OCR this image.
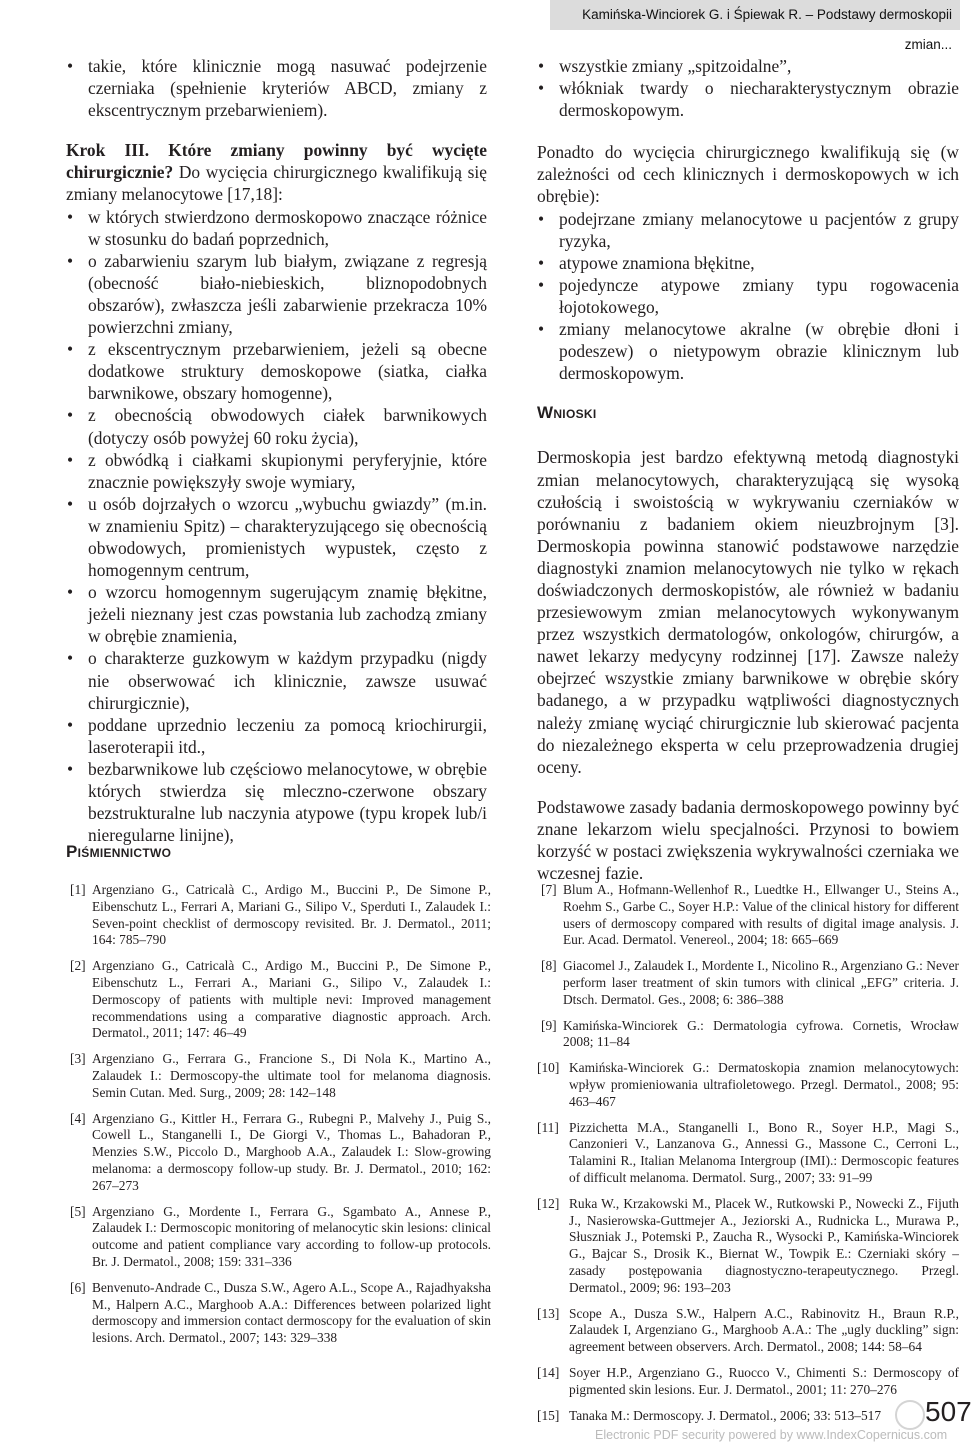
Kamińska-Winciorek G. i Śpiewak R. – Podstawy dermoskopii zmian...
• takie, które klinicznie mogą nasuwać podejrzenie czerniaka (spełnienie kryteriów ABCD, zmiany z ekscentrycznym przebarwieniem).

Krok III. Które zmiany powinny być wycięte chirurgicznie? Do wycięcia chirurgicznego kwalifikują się zmiany melanocytowe [17,18]:

• w których stwierdzono dermoskopowo znaczące różnice w stosunku do badań poprzednich,
• o zabarwieniu szarym lub białym, związane z regresją (obecność biało-niebieskich, bliznopodobnych obszarów), zwłaszcza jeśli zabarwienie przekracza 10% powierzchni zmiany,
• z ekscentrycznym przebarwieniem, jeżeli są obecne dodatkowe struktury demoskopowe (siatka, ciałka barwnikowe, obszary homogenne),
• z obecnością obwodowych ciałek barwnikowych (dotyczy osób powyżej 60 roku życia),
• z obwódką i ciałkami skupionymi peryferyjnie, które znacznie powiększyły swoje wymiary,
• u osób dojrzałych o wzorcu „wybuchu gwiazdy” (m.in. w znamieniu Spitz) – charakteryzującego się obecnością obwodowych, promienistych wypustek, często z homogennym centrum,
• o wzorcu homogennym sugerującym znamię błękitne, jeżeli nieznany jest czas powstania lub zachodzą zmiany w obrębie znamienia,
• o charakterze guzkowym w każdym przypadku (nigdy nie obserwować ich klinicznie, zawsze usuwać chirurgicznie),
• poddane uprzednio leczeniu za pomocą kriochirurgii, laseroterapii itd.,
• bezbarwnikowe lub częściowo melanocytowe, w obrębie których stwierdza się mleczno-czerwone obszary bezstrukturalne lub naczynia atypowe (typu kropek lub/i nieregularne linijne),
• wszystkie zmiany „spitzoidalne”,
• włókniak twardy o niecharakterystycznym obrazie dermoskopowym.

Ponadto do wycięcia chirurgicznego kwalifikują się (w zależności od cech klinicznych i dermoskopowych w ich obrębie):

• podejrzane zmiany melanocytowe u pacjentów z grupy ryzyka,
• atypowe znamiona błękitne,
• pojedyncze atypowe zmiany typu rogowacenia łojotokowego,
• zmiany melanocytowe akralne (w obrębie dłoni i podeszew) o nietypowym obrazie klinicznym lub dermoskopowym.
Wnioski

Dermoskopia jest bardzo efektywną metodą diagnostyki zmian melanocytowych, charakteryzującą się wysoką czułością i swoistością w wykrywaniu czerniaków w porównaniu z badaniem okiem nieuzbrojnym [3]. Dermoskopia powinna stanowić podstawowe narzędzie diagnostyki znamion melanocytowych nie tylko w rękach doświadczonych dermoskopistów, ale również w badaniu przesiewowym zmian melanocytowych wykonywanym przez wszystkich dermatologów, onkologów, chirurgów, a nawet lekarzy medycyny rodzinnej [17]. Zawsze należy obejrzeć wszystkie zmiany barwnikowe w obrębie skóry badanego, a w przypadku wątpliwości diagnostycznych należy zmianę wyciąć chirurgicznie lub skierować pacjenta do niezależnego eksperta w celu przeprowadzenia drugiej oceny.

Podstawowe zasady badania dermoskopowego powinny być znane lekarzom wielu specjalności. Przynosi to bowiem korzyść w postaci zwiększenia wykrywalności czerniaka we wczesnej fazie.

Piśmiennictwo
[1] Argenziano G., Catricalà C., Ardigo M., Buccini P., De Simone P., Eibenschutz L., Ferrari A, Mariani G., Silipo V., Sperduti I., Zalaudek I.: Seven-point checklist of dermoscopy revisited. Br. J. Dermatol., 2011; 164: 785–790
[2] Argenziano G., Catricalà C., Ardigo M., Buccini P., De Simone P., Eibenschutz L., Ferrari A., Mariani G., Silipo V., Zalaudek I.: Dermoscopy of patients with multiple nevi: Improved management recommendations using a comparative diagnostic approach. Arch. Dermatol., 2011; 147: 46–49
[3] Argenziano G., Ferrara G., Francione S., Di Nola K., Martino A., Zalaudek I.: Dermoscopy-the ultimate tool for melanoma diagnosis. Semin Cutan. Med. Surg., 2009; 28: 142–148
[4] Argenziano G., Kittler H., Ferrara G., Rubegni P., Malvehy J., Puig S., Cowell L., Stanganelli I., De Giorgi V., Thomas L., Bahadoran P., Menzies S.W., Piccolo D., Marghoob A.A., Zalaudek I.: Slow-growing melanoma: a dermoscopy follow-up study. Br. J. Dermatol., 2010; 162: 267–273
[5] Argenziano G., Mordente I., Ferrara G., Sgambato A., Annese P., Zalaudek I.: Dermoscopic monitoring of melanocytic skin lesions: clinical outcome and patient compliance vary according to follow-up protocols. Br. J. Dermatol., 2008; 159: 331–336
[6] Benvenuto-Andrade C., Dusza S.W., Agero A.L., Scope A., Rajadhyaksha M., Halpern A.C., Marghoob A.A.: Differences between polarized light dermoscopy and immersion contact dermoscopy for the evaluation of skin lesions. Arch. Dermatol., 2007; 143: 329–338
[7] Blum A., Hofmann-Wellenhof R., Luedtke H., Ellwanger U., Steins A., Roehm S., Garbe C., Soyer H.P.: Value of the clinical history for different users of dermoscopy compared with results of digital image analysis. J. Eur. Acad. Dermatol. Venereol., 2004; 18: 665–669
[8] Giacomel J., Zalaudek I., Mordente I., Nicolino R., Argenziano G.: Never perform laser treatment of skin tumors with clinical „EFG” criteria. J. Dtsch. Dermatol. Ges., 2008; 6: 386–388
[9] Kamińska-Winciorek G.: Dermatologia cyfrowa. Cornetis, Wrocław 2008; 11–84
[10] Kamińska-Winciorek G.: Dermatoskopia znamion melanocytowych: wpływ promieniowania ultrafioletowego. Przegl. Dermatol., 2008; 95: 463–467
[11] Pizzichetta M.A., Stanganelli I., Bono R., Soyer H.P., Magi S., Canzonieri V., Lanzanova G., Annessi G., Massone C., Cerroni L., Talamini R., Italian Melanoma Intergroup (IMI).: Dermoscopic features of difficult melanoma. Dermatol. Surg., 2007; 33: 91–99
[12] Ruka W., Krzakowski M., Placek W., Rutkowski P., Nowecki Z., Fijuth J., Nasierowska-Guttmejer A., Jeziorski A., Rudnicka L., Murawa P., Słuszniak J., Potemski P., Zaucha R., Wysocki P., Kamińska-Winciorek G., Bajcar S., Drosik K., Biernat W., Towpik E.: Czerniaki skóry – zasady postępowania diagnostyczno-terapeutycznego. Przegl. Dermatol., 2009; 96: 193–203
[13] Scope A., Dusza S.W., Halpern A.C., Rabinovitz H., Braun R.P., Zalaudek I, Argenziano G., Marghoob A.A.: The „ugly duckling” sign: agreement between observers. Arch. Dermatol., 2008; 144: 58–64
[14] Soyer H.P., Argenziano G., Ruocco V., Chimenti S.: Dermoscopy of pigmented skin lesions. Eur. J. Dermatol., 2001; 11: 270–276
[15] Tanaka M.: Dermoscopy. J. Dermatol., 2006; 33: 513–517	507
Electronic PDF security powered by www.IndexCopernicus.com
